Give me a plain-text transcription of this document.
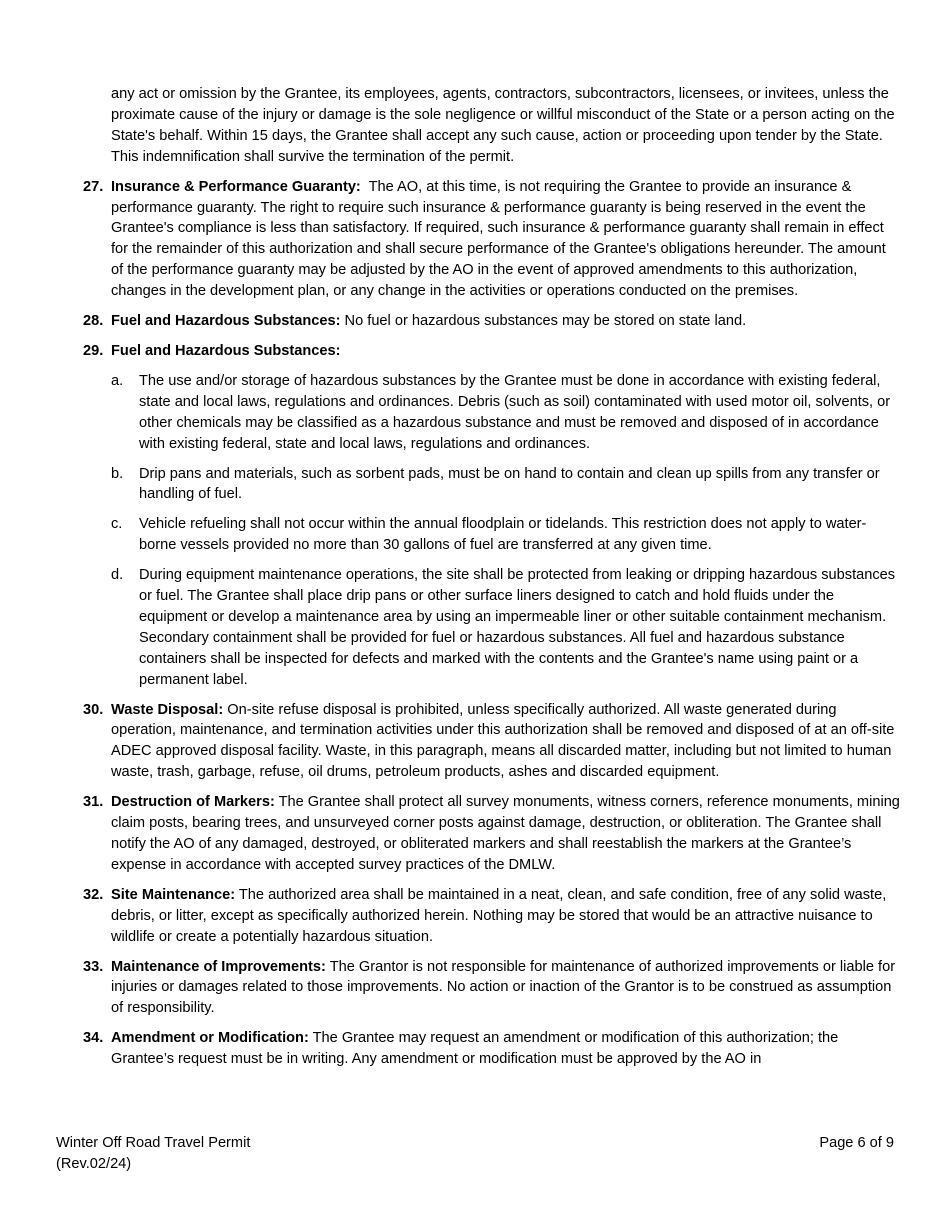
any act or omission by the Grantee, its employees, agents, contractors, subcontractors, licensees, or invitees, unless the proximate cause of the injury or damage is the sole negligence or willful misconduct of the State or a person acting on the State's behalf. Within 15 days, the Grantee shall accept any such cause, action or proceeding upon tender by the State. This indemnification shall survive the termination of the permit.

27. Insurance & Performance Guaranty:  The AO, at this time, is not requiring the Grantee to provide an insurance & performance guaranty. The right to require such insurance & performance guaranty is being reserved in the event the Grantee's compliance is less than satisfactory. If required, such insurance & performance guaranty shall remain in effect for the remainder of this authorization and shall secure performance of the Grantee's obligations hereunder. The amount of the performance guaranty may be adjusted by the AO in the event of approved amendments to this authorization, changes in the development plan, or any change in the activities or operations conducted on the premises.
28. Fuel and Hazardous Substances: No fuel or hazardous substances may be stored on state land.
29. Fuel and Hazardous Substances:
a. The use and/or storage of hazardous substances by the Grantee must be done in accordance with existing federal, state and local laws, regulations and ordinances. Debris (such as soil) contaminated with used motor oil, solvents, or other chemicals may be classified as a hazardous substance and must be removed and disposed of in accordance with existing federal, state and local laws, regulations and ordinances.
b. Drip pans and materials, such as sorbent pads, must be on hand to contain and clean up spills from any transfer or handling of fuel.
c. Vehicle refueling shall not occur within the annual floodplain or tidelands. This restriction does not apply to water-borne vessels provided no more than 30 gallons of fuel are transferred at any given time.
d. During equipment maintenance operations, the site shall be protected from leaking or dripping hazardous substances or fuel. The Grantee shall place drip pans or other surface liners designed to catch and hold fluids under the equipment or develop a maintenance area by using an impermeable liner or other suitable containment mechanism. Secondary containment shall be provided for fuel or hazardous substances. All fuel and hazardous substance containers shall be inspected for defects and marked with the contents and the Grantee's name using paint or a permanent label.
30. Waste Disposal: On-site refuse disposal is prohibited, unless specifically authorized. All waste generated during operation, maintenance, and termination activities under this authorization shall be removed and disposed of at an off-site ADEC approved disposal facility. Waste, in this paragraph, means all discarded matter, including but not limited to human waste, trash, garbage, refuse, oil drums, petroleum products, ashes and discarded equipment.
31. Destruction of Markers: The Grantee shall protect all survey monuments, witness corners, reference monuments, mining claim posts, bearing trees, and unsurveyed corner posts against damage, destruction, or obliteration. The Grantee shall notify the AO of any damaged, destroyed, or obliterated markers and shall reestablish the markers at the Grantee’s expense in accordance with accepted survey practices of the DMLW.
32. Site Maintenance: The authorized area shall be maintained in a neat, clean, and safe condition, free of any solid waste, debris, or litter, except as specifically authorized herein. Nothing may be stored that would be an attractive nuisance to wildlife or create a potentially hazardous situation.
33. Maintenance of Improvements: The Grantor is not responsible for maintenance of authorized improvements or liable for injuries or damages related to those improvements. No action or inaction of the Grantor is to be construed as assumption of responsibility.
34. Amendment or Modification: The Grantee may request an amendment or modification of this authorization; the Grantee’s request must be in writing. Any amendment or modification must be approved by the AO in
Winter Off Road Travel Permit
(Rev.02/24)
Page 6 of 9
